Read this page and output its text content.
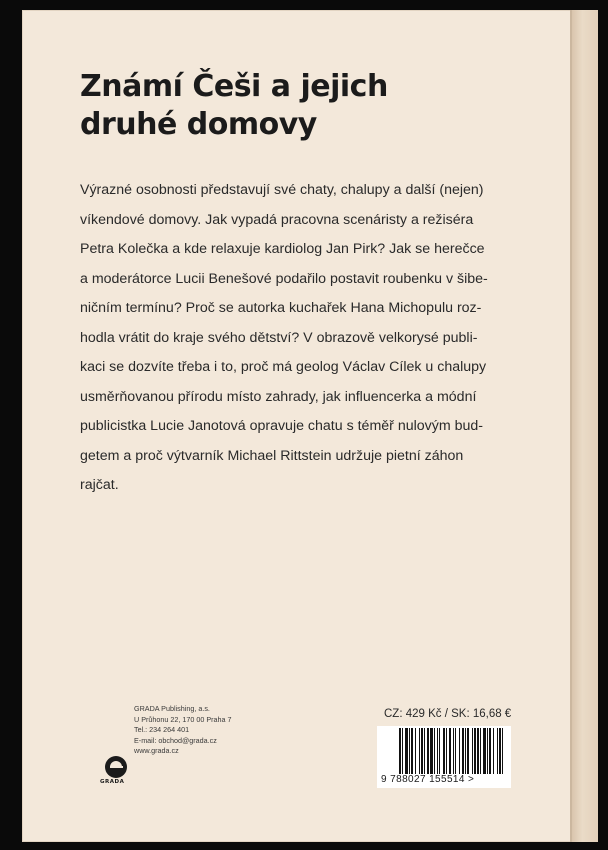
Známí Češi a jejich
druhé domovy
Výrazné osobnosti představují své chaty, chalupy a další (nejen)
víkendové domovy. Jak vypadá pracovna scenáristy a režiséra
Petra Kolečka a kde relaxuje kardiolog Jan Pirk? Jak se herečce
a moderátorce Lucii Benešové podařilo postavit roubenku v šibe-
ničním termínu? Proč se autorka kuchařek Hana Michopulu roz-
hodla vrátit do kraje svého dětství? V obrazově velkorysé publi-
kaci se dozvíte třeba i to, proč má geolog Václav Cílek u chalupy
usměrňovanou přírodu místo zahrady, jak influencerka a módní
publicistka Lucie Janotová opravuje chatu s téměř nulovým bud-
getem a proč výtvarník Michael Rittstein udržuje pietní záhon
rajčat.
GRADA
GRADA Publishing, a.s.
U Průhonu 22, 170 00 Praha 7
Tel.: 234 264 401
E-mail: obchod@grada.cz
www.grada.cz
CZ: 429 Kč / SK: 16,68 €
9 788027 155514 >
